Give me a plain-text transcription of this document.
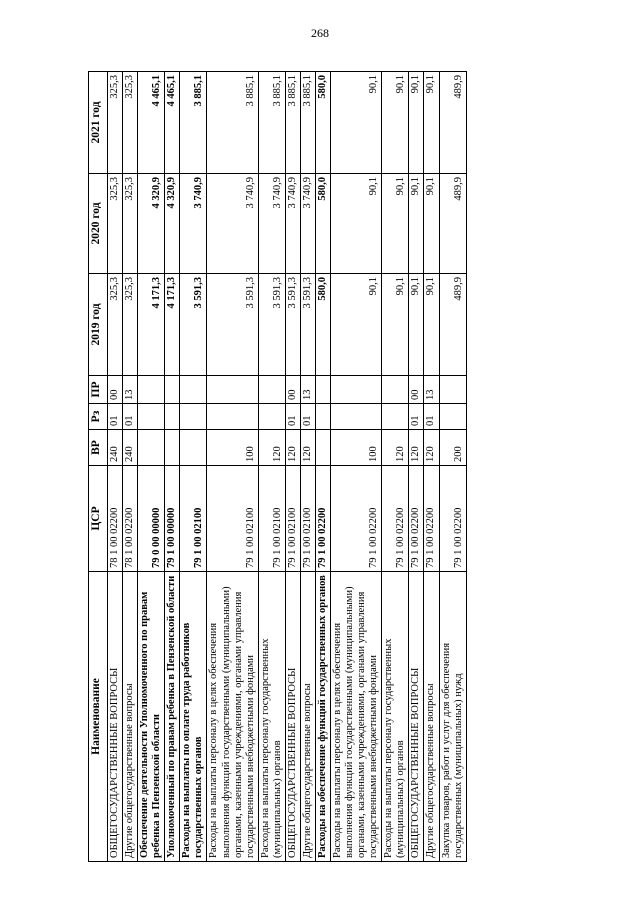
268
Наименование	ЦСР	ВР	Рз	ПР	2019 год	2020 год	2021 год
ОБЩЕГОСУДАРСТВЕННЫЕ ВОПРОСЫ	78 1 00 02200	240	01	00	325,3	325,3	325,3
Другие общегосударственные вопросы	78 1 00 02200	240	01	13	325,3	325,3	325,3
Обеспечение деятельности Уполномоченного по правам ребенка в Пензенской области	79 0 00 00000				4 171,3	4 320,9	4 465,1
Уполномоченный по правам ребенка в Пензенской области	79 1 00 00000				4 171,3	4 320,9	4 465,1
Расходы на выплаты по оплате труда работников государственных органов	79 1 00 02100				3 591,3	3 740,9	3 885,1
Расходы на выплаты персоналу в целях обеспечения выполнения функций государственными (муниципальными) органами, казенными учреждениями, органами управления государственными внебюджетными фондами	79 1 00 02100	100			3 591,3	3 740,9	3 885,1
Расходы на выплаты персоналу государственных (муниципальных) органов	79 1 00 02100	120			3 591,3	3 740,9	3 885,1
ОБЩЕГОСУДАРСТВЕННЫЕ ВОПРОСЫ	79 1 00 02100	120	01	00	3 591,3	3 740,9	3 885,1
Другие общегосударственные вопросы	79 1 00 02100	120	01	13	3 591,3	3 740,9	3 885,1
Расходы на обеспечение функций государственных органов	79 1 00 02200				580,0	580,0	580,0
Расходы на выплаты персоналу в целях обеспечения выполнения функций государственными (муниципальными) органами, казенными учреждениями, органами управления государственными внебюджетными фондами	79 1 00 02200	100			90,1	90,1	90,1
Расходы на выплаты персоналу государственных (муниципальных) органов	79 1 00 02200	120			90,1	90,1	90,1
ОБЩЕГОСУДАРСТВЕННЫЕ ВОПРОСЫ	79 1 00 02200	120	01	00	90,1	90,1	90,1
Другие общегосударственные вопросы	79 1 00 02200	120	01	13	90,1	90,1	90,1
Закупка товаров, работ и услуг для обеспечения государственных (муниципальных) нужд	79 1 00 02200	200			489,9	489,9	489,9
